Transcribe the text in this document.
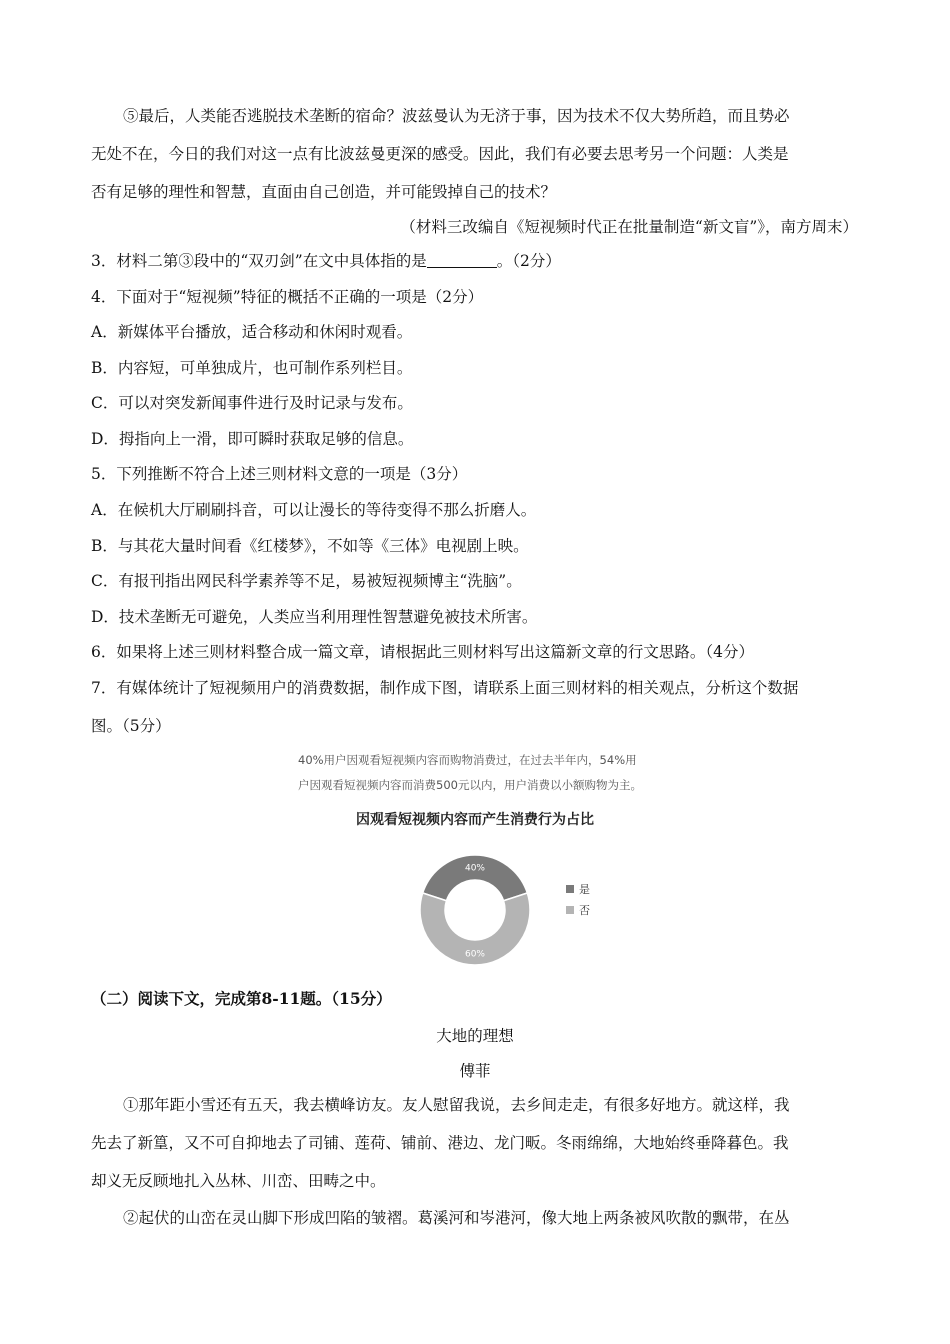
⑤最后，人类能否逃脱技术垄断的宿命？波兹曼认为无济于事，因为技术不仅大势所趋，而且势必
无处不在，今日的我们对这一点有比波兹曼更深的感受。因此，我们有必要去思考另一个问题：人类是
否有足够的理性和智慧，直面由自己创造，并可能毁掉自己的技术？
（材料三改编自《短视频时代正在批量制造“新文盲”》，南方周末）
3．材料二第③段中的“双刃剑”在文中具体指的是	。（2分）
4．下面对于“短视频”特征的概括不正确的一项是（2分）
A．新媒体平台播放，适合移动和休闲时观看。
B．内容短，可单独成片，也可制作系列栏目。
C．可以对突发新闻事件进行及时记录与发布。
D．拇指向上一滑，即可瞬时获取足够的信息。
5．下列推断不符合上述三则材料文意的一项是（3分）
A．在候机大厅刷刷抖音，可以让漫长的等待变得不那么折磨人。
B．与其花大量时间看《红楼梦》，不如等《三体》电视剧上映。
C．有报刊指出网民科学素养等不足，易被短视频博主“洗脑”。
D．技术垄断无可避免，人类应当利用理性智慧避免被技术所害。
6．如果将上述三则材料整合成一篇文章，请根据此三则材料写出这篇新文章的行文思路。（4分）
7．有媒体统计了短视频用户的消费数据，制作成下图，请联系上面三则材料的相关观点，分析这个数据
图。（5分）
40%用户因观看短视频内容而购物消费过，在过去半年内，54%用
户因观看短视频内容而消费500元以内，用户消费以小额购物为主。
因观看短视频内容而产生消费行为占比
40%
60%
是
否
（二）阅读下文，完成第8-11题。（15分）
大地的理想
傅菲
①那年距小雪还有五天，我去横峰访友。友人慰留我说，去乡间走走，有很多好地方。就这样，我
先去了新篁，又不可自抑地去了司铺、莲荷、铺前、港边、龙门畈。冬雨绵绵，大地始终垂降暮色。我
却义无反顾地扎入丛林、川峦、田畴之中。
②起伏的山峦在灵山脚下形成凹陷的皱褶。葛溪河和岑港河，像大地上两条被风吹散的飘带，在丛
